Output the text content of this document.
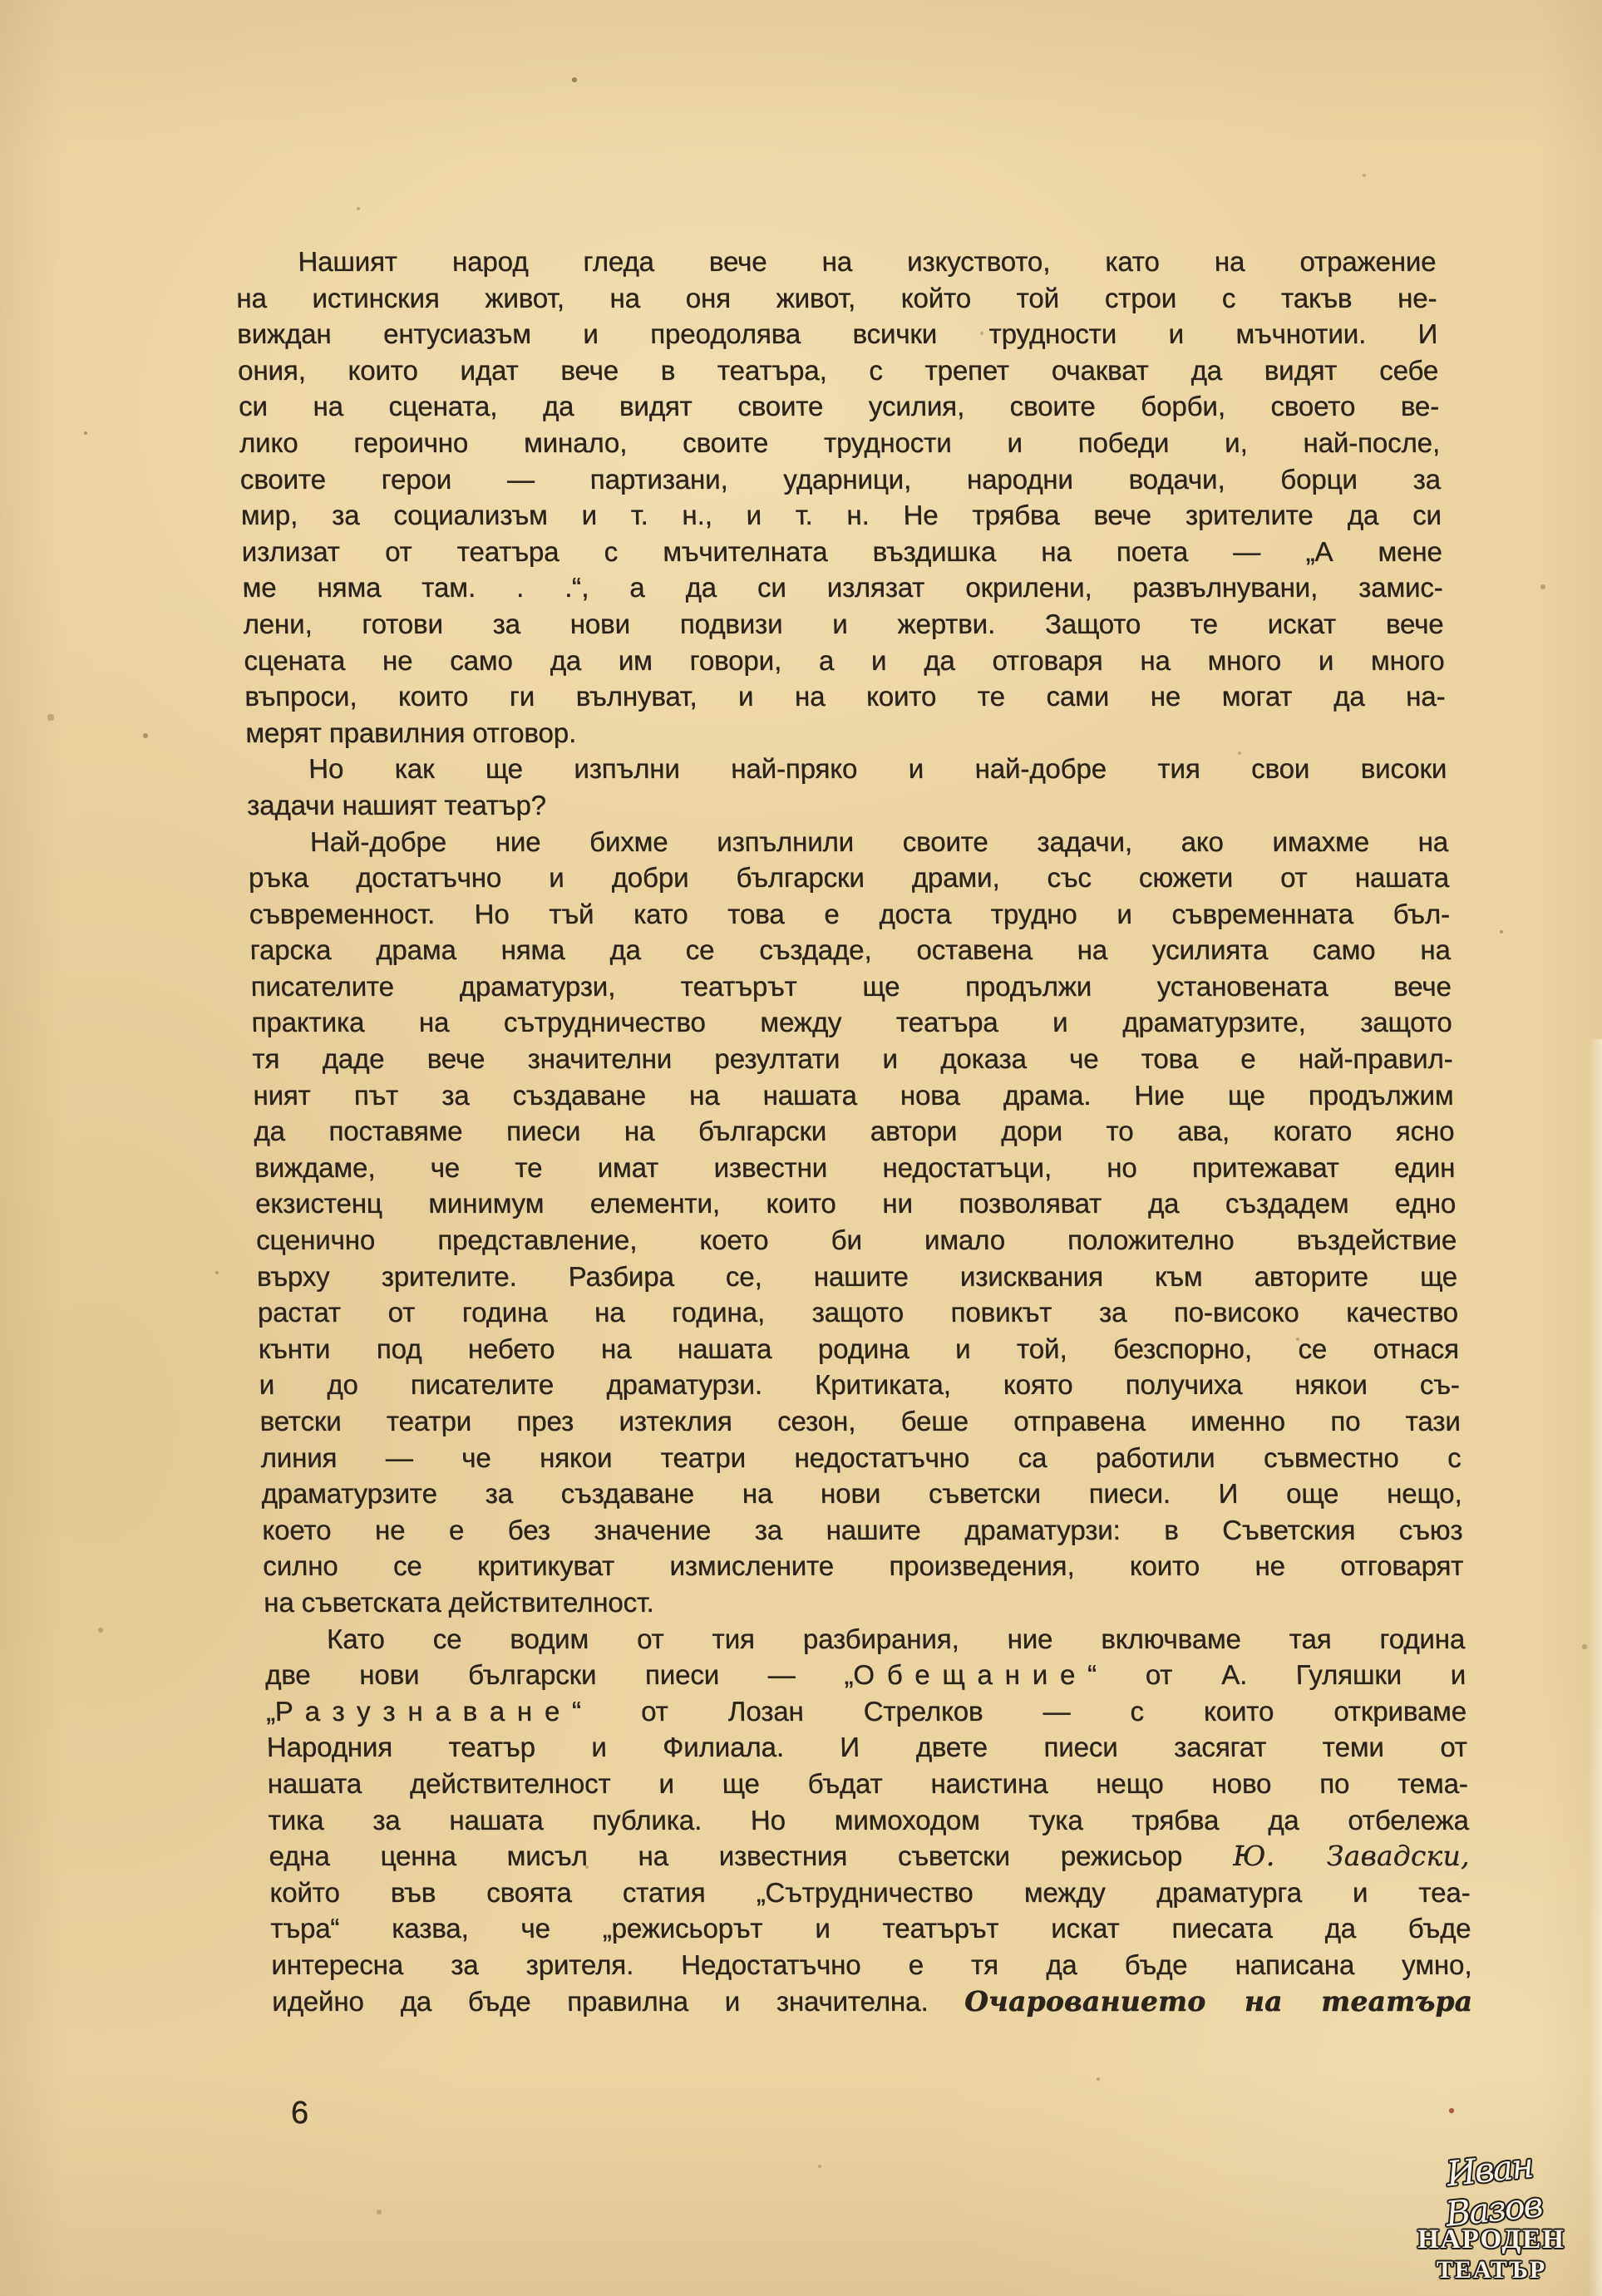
Нашият народ гледа вече на изкуството, като на отражение
на истинския живот, на оня живот, който той строи с такъв не-
виждан ентусиазъм и преодолява всички трудности и мъчнотии. И
ония, които идат вече в театъра, с трепет очакват да видят себе
си на сцената, да видят своите усилия, своите борби, своето ве-
лико героично минало, своите трудности и победи и, най-после,
своите герои — партизани, ударници, народни водачи, борци за
мир, за социализъм и т. н., и т. н. Не трябва вече зрителите да си
излизат от театъра с мъчителната въздишка на поета — „А мене
ме няма там. . .“, а да си излязат окрилени, развълнувани, замис-
лени, готови за нови подвизи и жертви. Защото те искат вече
сцената не само да им говори, а и да отговаря на много и много
въпроси, които ги вълнуват, и на които те сами не могат да на-
мерят правилния отговор.
Но как ще изпълни най-пряко и най-добре тия свои високи
задачи нашият театър?
Най-добре ние бихме изпълнили своите задачи, ако имахме на
ръка достатъчно и добри български драми, със сюжети от нашата
съвременност. Но тъй като това е доста трудно и съвременната бъл-
гарска драма няма да се създаде, оставена на усилията само на
писателите драматурзи, театърът ще продължи установената вече
практика на сътрудничество между театъра и драматурзите, защото
тя даде вече значителни резултати и доказа че това е най-правил-
ният път за създаване на нашата нова драма. Ние ще продължим
да поставяме пиеси на български автори дори то ава, когато ясно
виждаме, че те имат известни недостатъци, но притежават един
екзистенц минимум елементи, които ни позволяват да създадем едно
сценично представление, което би имало положително въздействие
върху зрителите. Разбира се, нашите изисквания към авторите ще
растат от година на година, защото повикът за по-високо качество
кънти под небето на нашата родина и той, безспорно, се отнася
и до писателите драматурзи. Критиката, която получиха някои съ-
ветски театри през изтеклия сезон, беше отправена именно по тази
линия — че някои театри недостатъчно са работили съвместно с
драматурзите за създаване на нови съветски пиеси. И още нещо,
което не е без значение за нашите драматурзи: в Съветския съюз
силно се критикуват измислените произведения, които не отговарят
на съветската действителност.
Като се водим от тия разбирания, ние включваме тая година
две нови български пиеси — „Обещание“ от А. Гуляшки и
„Разузнаване“ от Лозан Стрелков — с които откриваме
Народния театър и Филиала. И двете пиеси засягат теми от
нашата действителност и ще бъдат наистина нещо ново по тема-
тика за нашата публика. Но мимоходом тука трябва да отбележа
една ценна мисъл на известния съветски режисьор Ю. Завадски,
който във своята статия „Сътрудничество между драматурга и теа-
търа“ казва, че „режисьорът и театърът искат пиесата да бъде
интересна за зрителя. Недостатъчно е тя да бъде написана умно,
идейно да бъде правилна и значителна. Очарованието на театъра
6
Иван Вазов
НАРОДЕН
ТЕАТЪР
